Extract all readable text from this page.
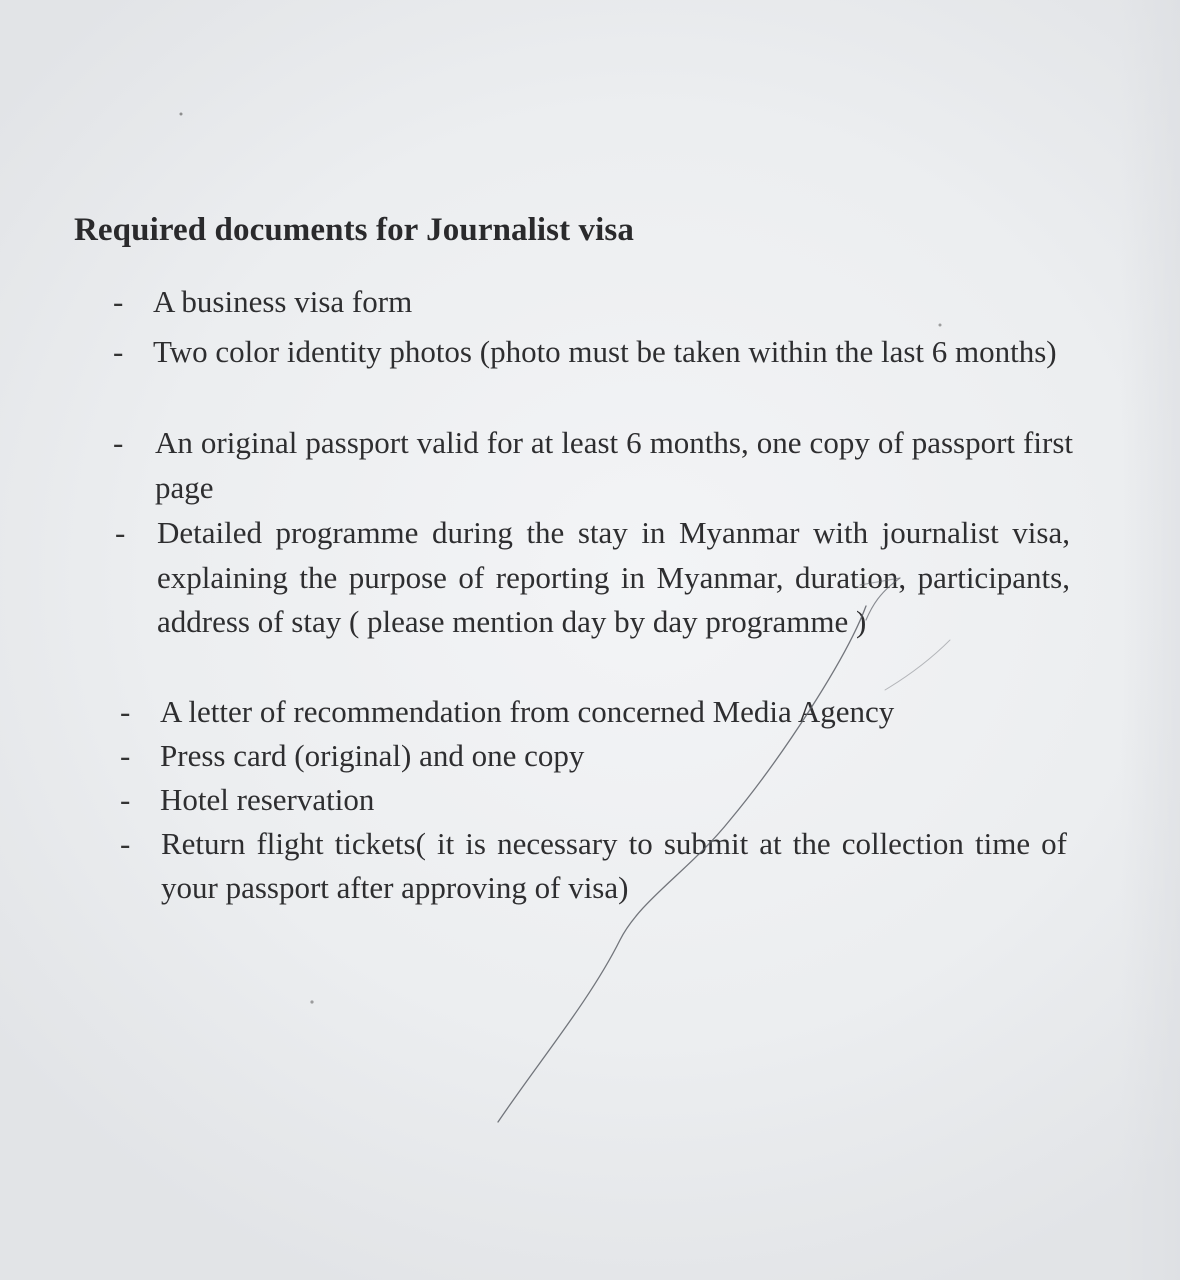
Required documents for Journalist visa
- A business visa form
- Two color identity photos (photo must be taken within the last 6 months)
- An original passport valid for at least 6 months, one copy of passport first page
- Detailed programme during the stay in Myanmar with journalist visa, explaining the purpose of reporting in Myanmar, duration, participants, address of stay ( please mention day by day programme )
- A letter of recommendation from concerned Media Agency
- Press card (original) and one copy
- Hotel reservation
- Return flight tickets( it is necessary to submit at the collection time of your passport after approving of visa)
